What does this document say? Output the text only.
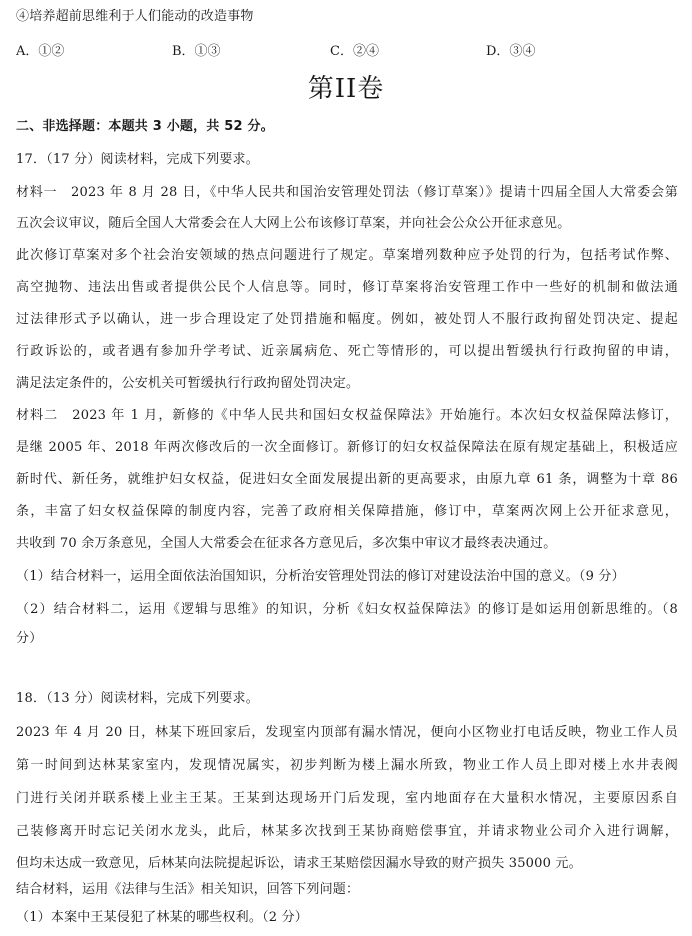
④培养超前思维利于人们能动的改造事物
A．①②	B．①③	C．②④	D．③④
第II卷
二、非选择题：本题共 3 小题，共 52 分。
17．（17 分）阅读材料，完成下列要求。
材料一　2023 年 8 月 28 日，《中华人民共和国治安管理处罚法（修订草案）》提请十四届全国人大常委会第
五次会议审议，随后全国人大常委会在人大网上公布该修订草案，并向社会公众公开征求意见。
此次修订草案对多个社会治安领域的热点问题进行了规定。草案增列数种应予处罚的行为，包括考试作弊、
高空抛物、违法出售或者提供公民个人信息等。同时，修订草案将治安管理工作中一些好的机制和做法通
过法律形式予以确认，进一步合理设定了处罚措施和幅度。例如，被处罚人不服行政拘留处罚决定、提起
行政诉讼的，或者遇有参加升学考试、近亲属病危、死亡等情形的，可以提出暂缓执行行政拘留的申请，
满足法定条件的，公安机关可暂缓执行行政拘留处罚决定。
材料二　2023 年 1 月，新修的《中华人民共和国妇女权益保障法》开始施行。本次妇女权益保障法修订，
是继 2005 年、2018 年两次修改后的一次全面修订。新修订的妇女权益保障法在原有规定基础上，积极适应
新时代、新任务，就维护妇女权益，促进妇女全面发展提出新的更高要求，由原九章 61 条，调整为十章 86
条，丰富了妇女权益保障的制度内容，完善了政府相关保障措施，修订中，草案两次网上公开征求意见，
共收到 70 余万条意见，全国人大常委会在征求各方意见后，多次集中审议才最终表决通过。
（1）结合材料一，运用全面依法治国知识，分析治安管理处罚法的修订对建设法治中国的意义。（9 分）
（2）结合材料二，运用《逻辑与思维》的知识，分析《妇女权益保障法》的修订是如运用创新思维的。（8
分）
18．（13 分）阅读材料，完成下列要求。
2023 年 4 月 20 日，林某下班回家后，发现室内顶部有漏水情况，便向小区物业打电话反映，物业工作人员
第一时间到达林某家室内，发现情况属实，初步判断为楼上漏水所致，物业工作人员上即对楼上水井表阀
门进行关闭并联系楼上业主王某。王某到达现场开门后发现，室内地面存在大量积水情况，主要原因系自
己装修离开时忘记关闭水龙头，此后，林某多次找到王某协商赔偿事宜，并请求物业公司介入进行调解，
但均未达成一致意见，后林某向法院提起诉讼，请求王某赔偿因漏水导致的财产损失 35000 元。
结合材料，运用《法律与生活》相关知识，回答下列问题：
（1）本案中王某侵犯了林某的哪些权利。（2 分）
